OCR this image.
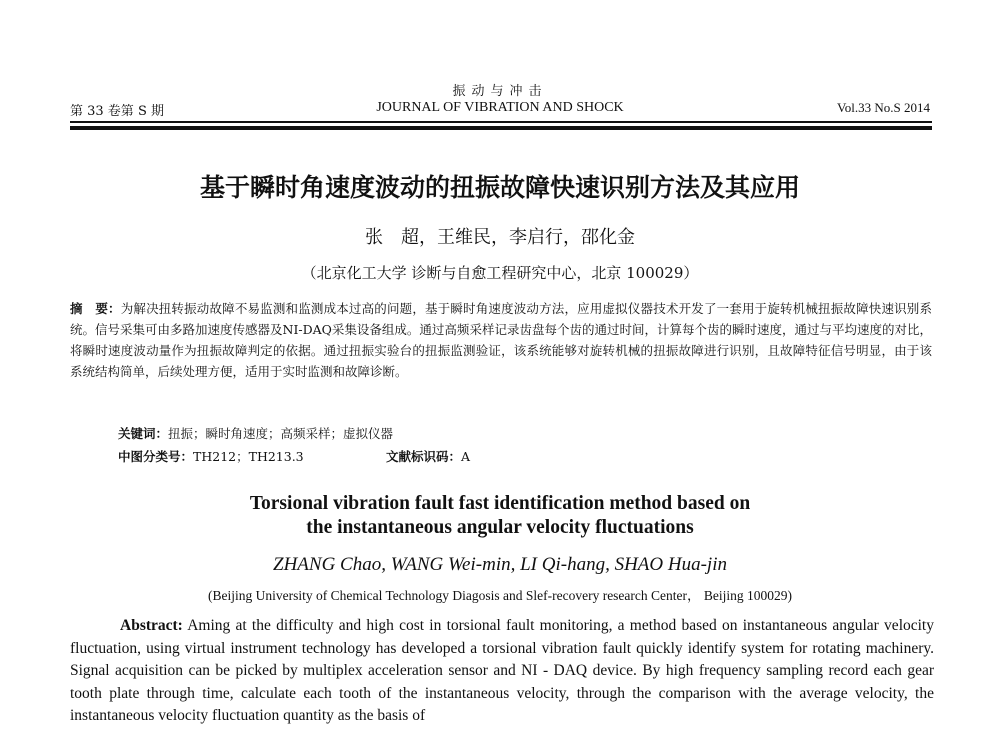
振动与冲击
第 33 卷第 S 期	JOURNAL OF VIBRATION AND SHOCK	Vol.33 No.S 2014
基于瞬时角速度波动的扭振故障快速识别方法及其应用
张　超，王维民，李启行，邵化金
（北京化工大学 诊断与自愈工程研究中心，北京 100029）
摘　要：为解决扭转振动故障不易监测和监测成本过高的问题，基于瞬时角速度波动方法，应用虚拟仪器技术开发了一套用于旋转机械扭振故障快速识别系统。信号采集可由多路加速度传感器及NI-DAQ采集设备组成。通过高频采样记录齿盘每个齿的通过时间，计算每个齿的瞬时速度，通过与平均速度的对比，将瞬时速度波动量作为扭振故障判定的依据。通过扭振实验台的扭振监测验证，该系统能够对旋转机械的扭振故障进行识别，且故障特征信号明显，由于该系统结构简单，后续处理方便，适用于实时监测和故障诊断。
关键词：扭振；瞬时角速度；高频采样；虚拟仪器
中图分类号：TH212；TH213.3	文献标识码：A
Torsional vibration fault fast identification method based on
the instantaneous angular velocity fluctuations
ZHANG Chao, WANG Wei-min, LI Qi-hang, SHAO Hua-jin
(Beijing University of Chemical Technology Diagosis and Slef-recovery research Center， Beijing 100029)
Abstract: Aming at the difficulty and high cost in torsional fault monitoring, a method based on instantaneous angular velocity fluctuation, using virtual instrument technology has developed a torsional vibration fault quickly identify system for rotating machinery. Signal acquisition can be picked by multiplex acceleration sensor and NI - DAQ device. By high frequency sampling record each gear tooth plate through time, calculate each tooth of the instantaneous velocity, through the comparison with the average velocity, the instantaneous velocity fluctuation quantity as the basis of
